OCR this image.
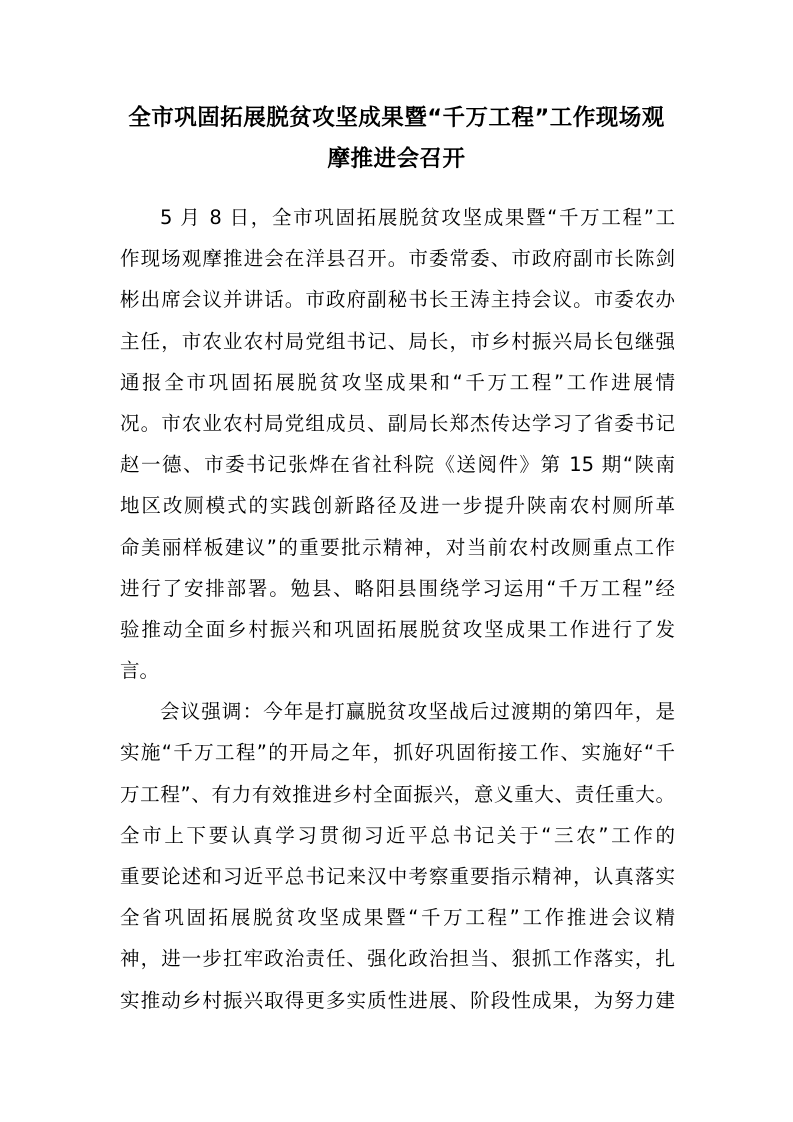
全市巩固拓展脱贫攻坚成果暨“千万工程”工作现场观
摩推进会召开
5 月 8 日，全市巩固拓展脱贫攻坚成果暨“千万工程”工
作现场观摩推进会在洋县召开。市委常委、市政府副市长陈剑
彬出席会议并讲话。市政府副秘书长王涛主持会议。市委农办
主任，市农业农村局党组书记、局长，市乡村振兴局长包继强
通报全市巩固拓展脱贫攻坚成果和“千万工程”工作进展情
况。市农业农村局党组成员、副局长郑杰传达学习了省委书记
赵一德、市委书记张烨在省社科院《送阅件》第 15 期“陕南
地区改厕模式的实践创新路径及进一步提升陕南农村厕所革
命美丽样板建议”的重要批示精神，对当前农村改厕重点工作
进行了安排部署。勉县、略阳县围绕学习运用“千万工程”经
验推动全面乡村振兴和巩固拓展脱贫攻坚成果工作进行了发
言。
会议强调：今年是打赢脱贫攻坚战后过渡期的第四年，是
实施“千万工程”的开局之年，抓好巩固衔接工作、实施好“千
万工程”、有力有效推进乡村全面振兴，意义重大、责任重大。
全市上下要认真学习贯彻习近平总书记关于“三农”工作的
重要论述和习近平总书记来汉中考察重要指示精神，认真落实
全省巩固拓展脱贫攻坚成果暨“千万工程”工作推进会议精
神，进一步扛牢政治责任、强化政治担当、狠抓工作落实，扎
实推动乡村振兴取得更多实质性进展、阶段性成果，为努力建
